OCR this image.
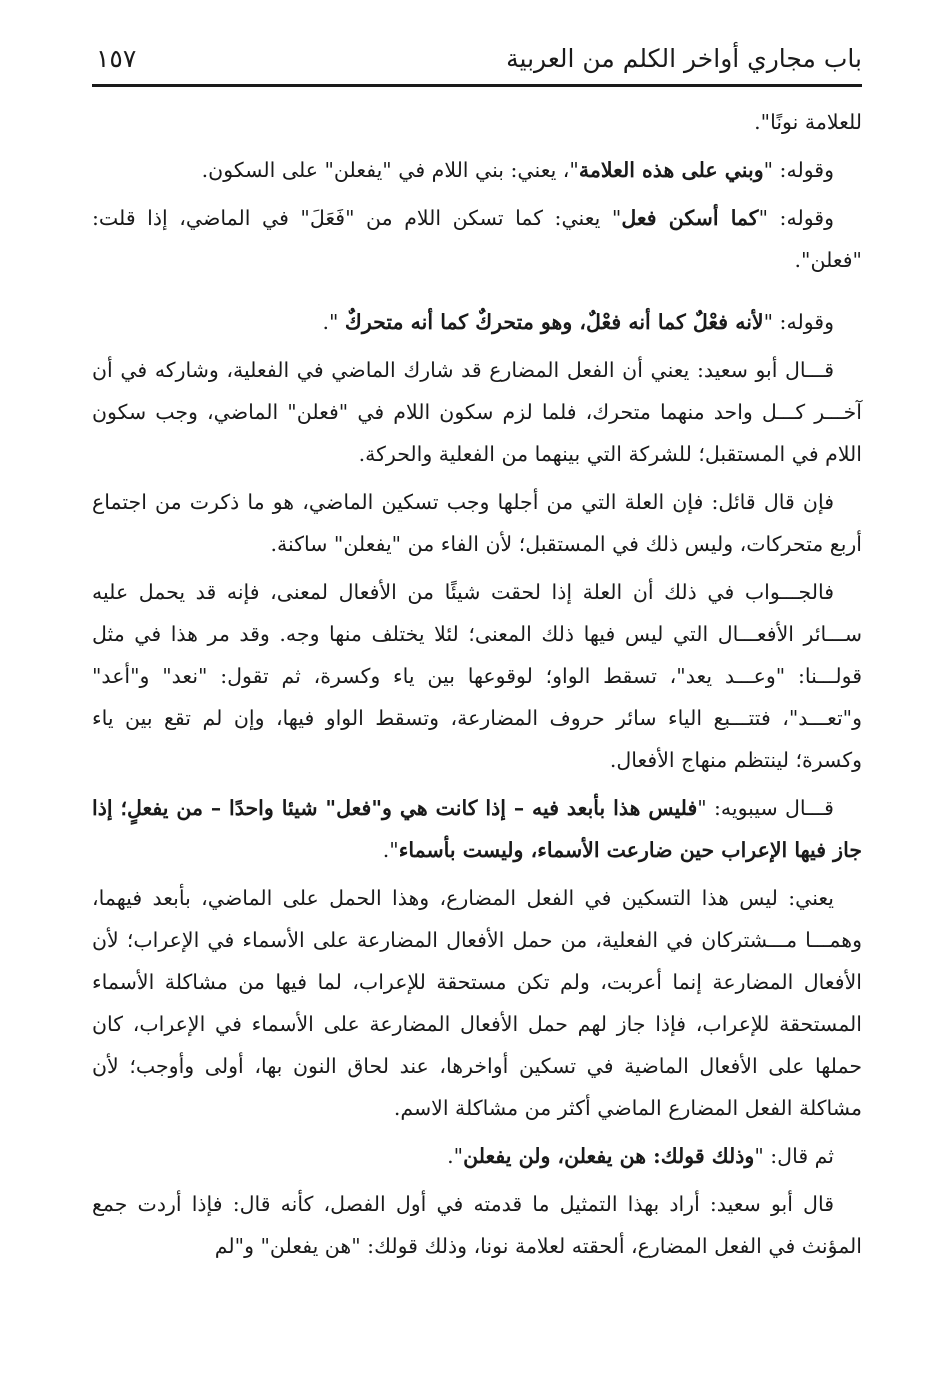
باب مجاري أواخر الكلم من العربية
١٥٧

للعلامة نونًا".

وقوله: "وبني على هذه العلامة"، يعني: بني اللام في "يفعلن" على السكون.

وقوله: "كما أسكن فعل" يعني: كما تسكن اللام من "فَعَلَ" في الماضي، إذا قلت: "فعلن".

وقوله: "لأنه فعْلٌ كما أنه فعْلٌ، وهو متحركٌ كما أنه متحركٌ ".

قـــال أبو سعيد: يعني أن الفعل المضارع قد شارك الماضي في الفعلية، وشاركه في أن آخـــر كـــل واحد منهما متحرك، فلما لزم سكون اللام في "فعلن" الماضي، وجب سكون اللام في المستقبل؛ للشركة التي بينهما من الفعلية والحركة.

فإن قال قائل: فإن العلة التي من أجلها وجب تسكين الماضي، هو ما ذكرت من اجتماع أربع متحركات، وليس ذلك في المستقبل؛ لأن الفاء من "يفعلن" ساكنة.

فالجـــواب في ذلك أن العلة إذا لحقت شيئًا من الأفعال لمعنى، فإنه قد يحمل عليه ســـائر الأفعـــال التي ليس فيها ذلك المعنى؛ لئلا يختلف منها وجه. وقد مر هذا في مثل قولـــنا: "وعـــد يعد"، تسقط الواو؛ لوقوعها بين ياء وكسرة، ثم تقول: "نعد" و"أعد" و"تعـــد"، فتتـــبع الياء سائر حروف المضارعة، وتسقط الواو فيها، وإن لم تقع بين ياء وكسرة؛ لينتظم منهاج الأفعال.

قـــال سيبويه: "فليس هذا بأبعد فيه – إذا كانت هي و"فعل" شيئا واحدًا – من يفعلٍ؛ إذا جاز فيها الإعراب حين ضارعت الأسماء، وليست بأسماء".

يعني: ليس هذا التسكين في الفعل المضارع، وهذا الحمل على الماضي، بأبعد فيهما، وهمـــا مـــشتركان في الفعلية، من حمل الأفعال المضارعة على الأسماء في الإعراب؛ لأن الأفعال المضارعة إنما أعربت، ولم تكن مستحقة للإعراب، لما فيها من مشاكلة الأسماء المستحقة للإعراب، فإذا جاز لهم حمل الأفعال المضارعة على الأسماء في الإعراب، كان حملها على الأفعال الماضية في تسكين أواخرها، عند لحاق النون بها، أولى وأوجب؛ لأن مشاكلة الفعل المضارع الماضي أكثر من مشاكلة الاسم.

ثم قال: "وذلك قولك: هن يفعلن، ولن يفعلن".

قال أبو سعيد: أراد بهذا التمثيل ما قدمته في أول الفصل، كأنه قال: فإذا أردت جمع المؤنث في الفعل المضارع، ألحقته لعلامة نونا، وذلك قولك: "هن يفعلن" و"لم
